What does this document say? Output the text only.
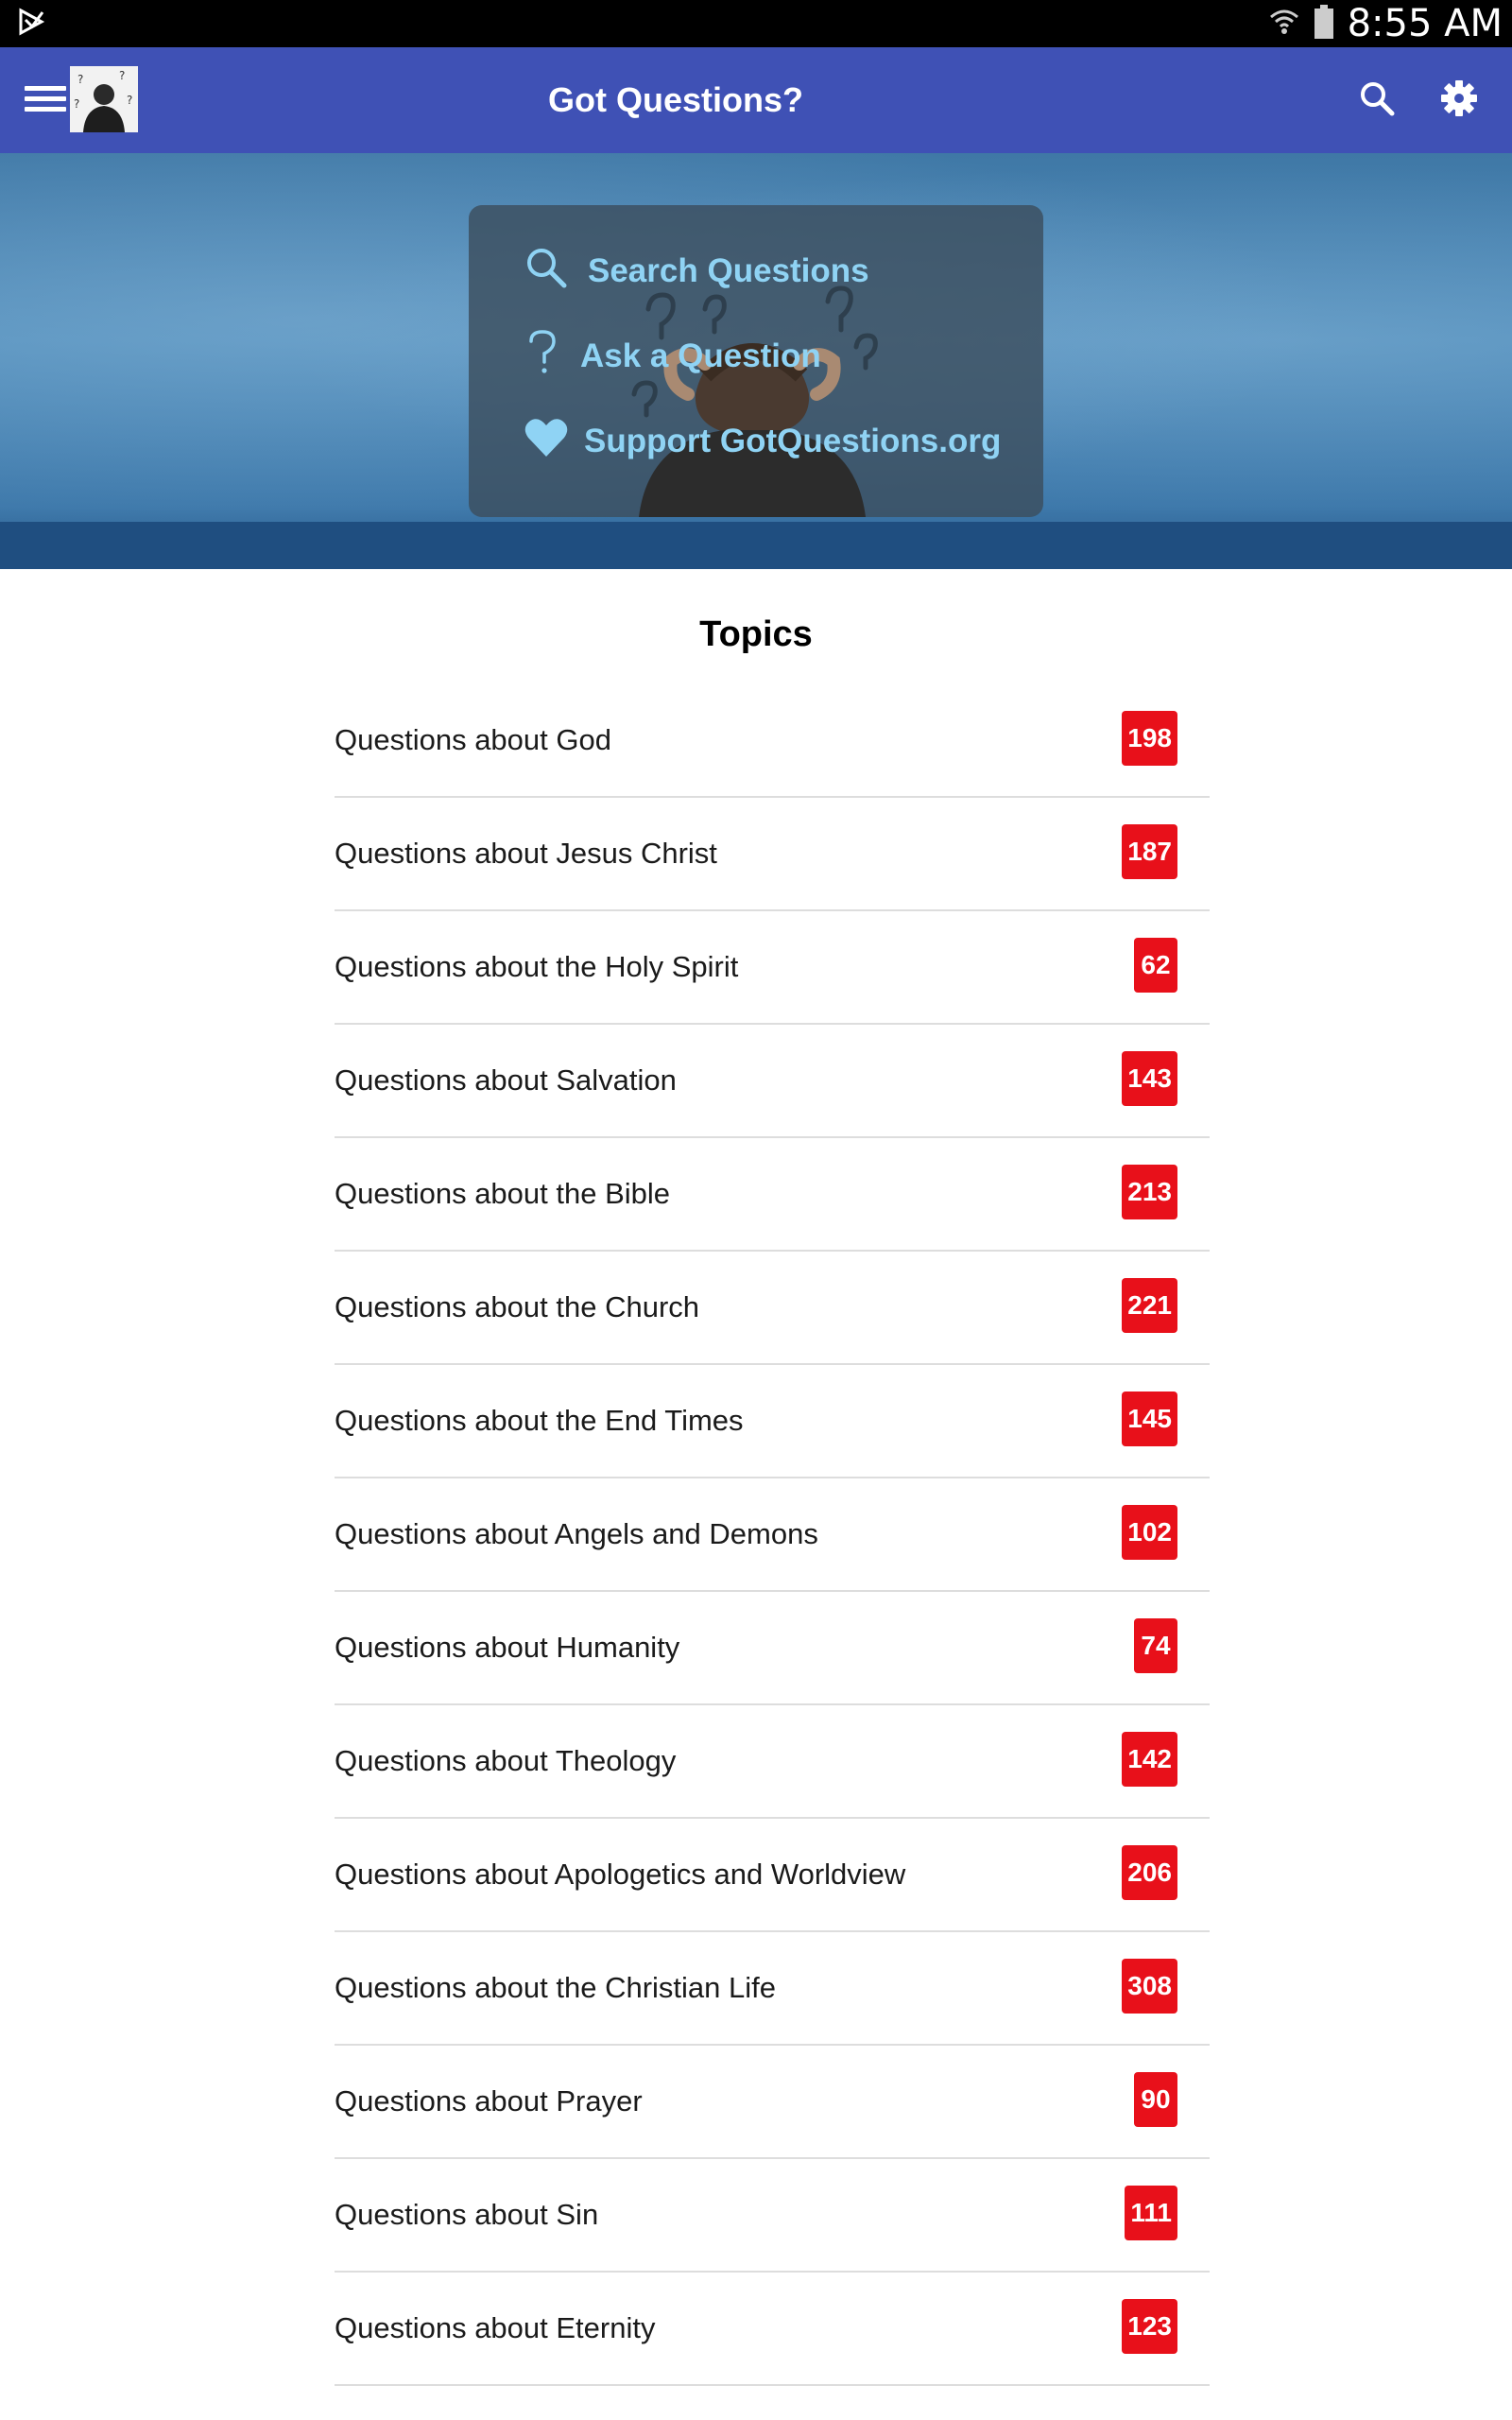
8:55 AM
?	?
?
?	Got Questions?
Search Questions
Ask a Question
Support GotQuestions.org
Topics
Questions about God	198
Questions about Jesus Christ	187
Questions about the Holy Spirit	62
Questions about Salvation	143
Questions about the Bible	213
Questions about the Church	221
Questions about the End Times	145
Questions about Angels and Demons	102
Questions about Humanity	74
Questions about Theology	142
Questions about Apologetics and Worldview	206
Questions about the Christian Life	308
Questions about Prayer	90
Questions about Sin	111
Questions about Eternity	123
